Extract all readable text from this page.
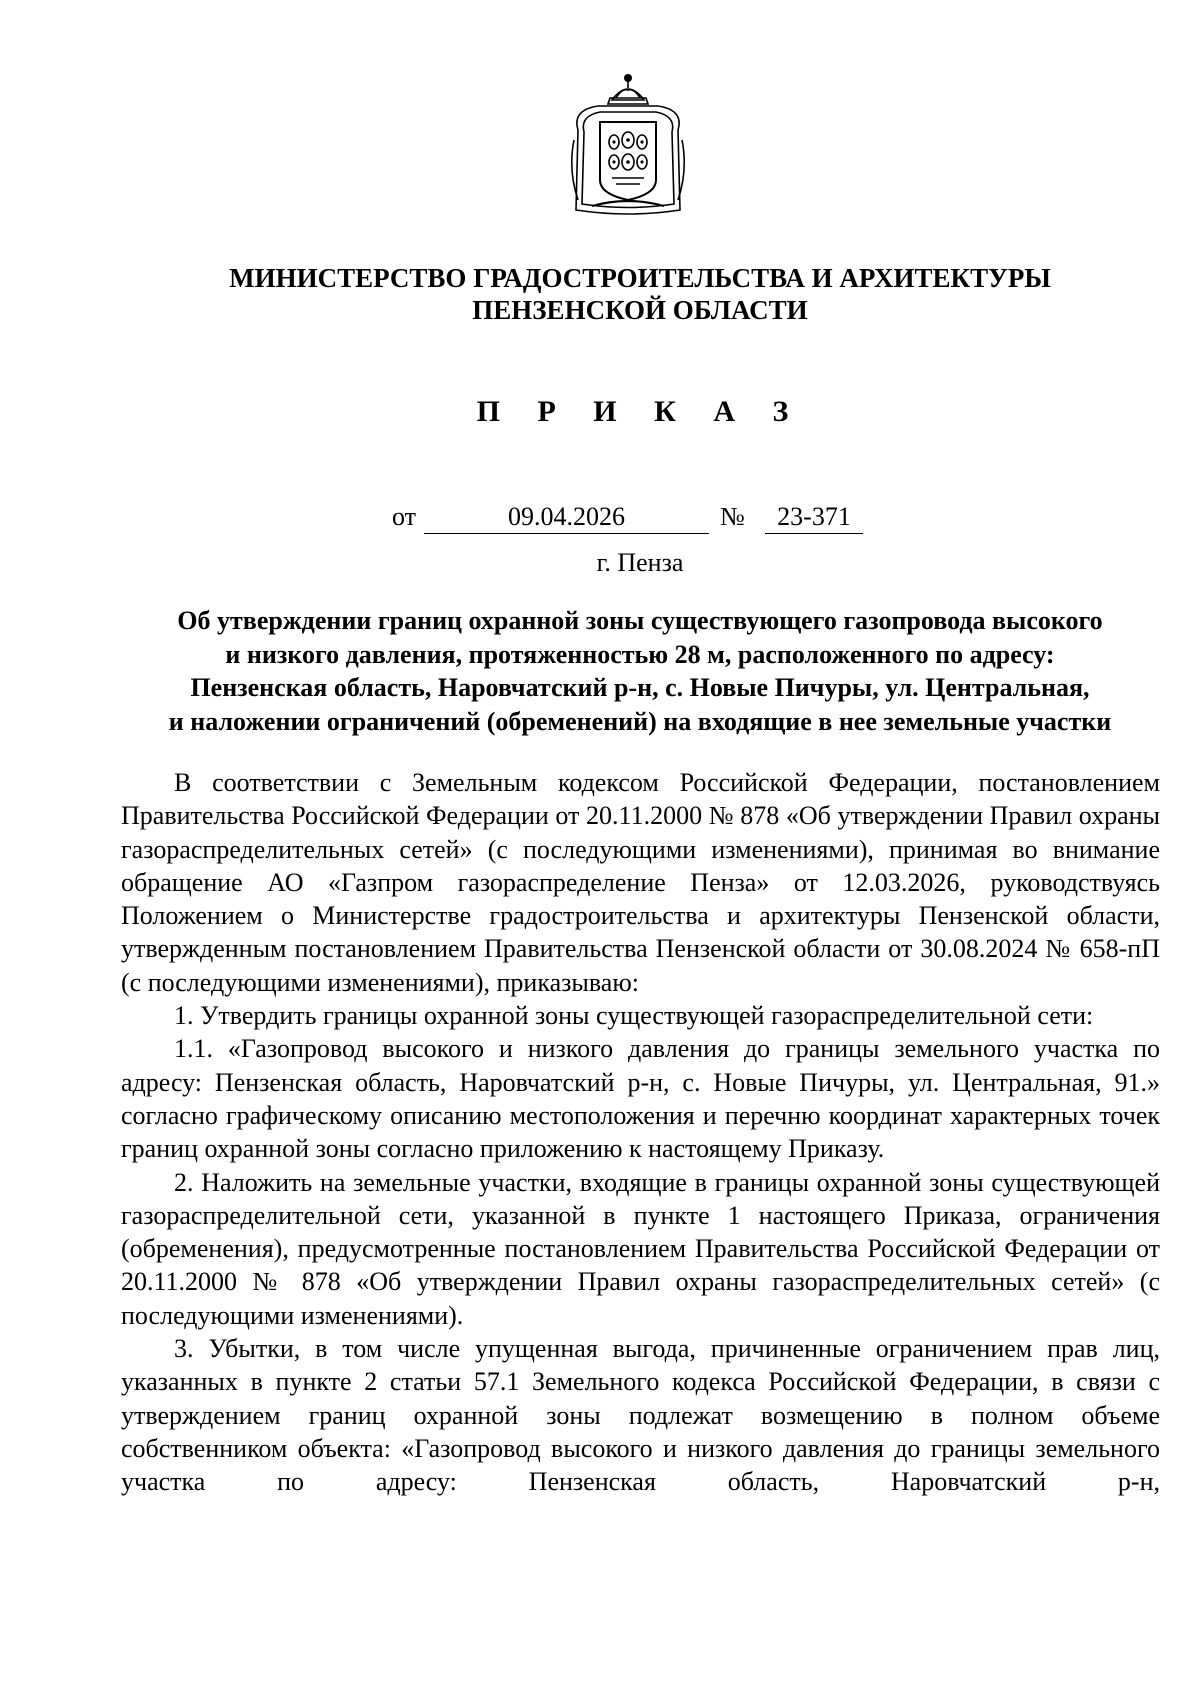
МИНИСТЕРСТВО ГРАДОСТРОИТЕЛЬСТВА И АРХИТЕКТУРЫ
ПЕНЗЕНСКОЙ ОБЛАСТИ
П Р И К А З
от	09.04.2026	№	23-371
г. Пенза
Об утверждении границ охранной зоны существующего газопровода высокого
и низкого давления, протяженностью 28 м, расположенного по адресу:
Пензенская область, Наровчатский р-н, с. Новые Пичуры, ул. Центральная,
и наложении ограничений (обременений) на входящие в нее земельные участки

В соответствии с Земельным кодексом Российской Федерации, постановлением Правительства Российской Федерации от 20.11.2000 № 878 «Об утверждении Правил охраны газораспределительных сетей» (с последующими изменениями), принимая во внимание обращение АО «Газпром газораспределение Пенза» от 12.03.2026, руководствуясь Положением о Министерстве градостроительства и архитектуры Пензенской области, утвержденным постановлением Правительства Пензенской области от 30.08.2024 № 658-пП (с последующими изменениями), приказываю:

1. Утвердить границы охранной зоны существующей газораспределительной сети:

1.1. «Газопровод высокого и низкого давления до границы земельного участка по адресу: Пензенская область, Наровчатский р-н, с. Новые Пичуры, ул. Центральная, 91.» согласно графическому описанию местоположения и перечню координат характерных точек границ охранной зоны согласно приложению к настоящему Приказу.

2. Наложить на земельные участки, входящие в границы охранной зоны существующей газораспределительной сети, указанной в пункте 1 настоящего Приказа, ограничения (обременения), предусмотренные постановлением Правительства Российской Федерации от 20.11.2000 № 878 «Об утверждении Правил охраны газораспределительных сетей» (с последующими изменениями).

3. Убытки, в том числе упущенная выгода, причиненные ограничением прав лиц, указанных в пункте 2 статьи 57.1 Земельного кодекса Российской Федерации, в связи с утверждением границ охранной зоны подлежат возмещению в полном объеме собственником объекта: «Газопровод высокого и низкого давления до границы земельного участка по адресу: Пензенская область, Наровчатский р-н,
